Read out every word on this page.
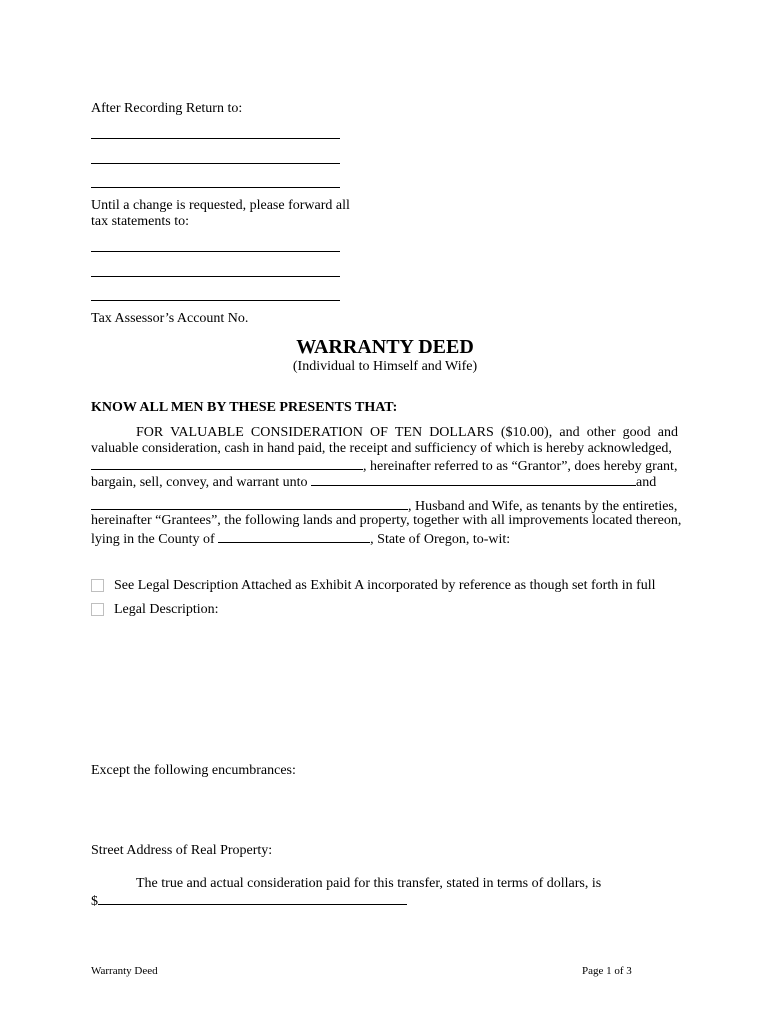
After Recording Return to:
Until a change is requested, please forward all
tax statements to:
Tax Assessor’s Account No.
WARRANTY DEED
(Individual to Himself and Wife)
KNOW ALL MEN BY THESE PRESENTS THAT:
FOR VALUABLE CONSIDERATION OF TEN DOLLARS ($10.00), and other good and
valuable consideration, cash in hand paid, the receipt and sufficiency of which is hereby acknowledged,
, hereinafter referred to as “Grantor”, does hereby grant,
bargain, sell, convey, and warrant unto	and
, Husband and Wife, as tenants by the entireties,
hereinafter “Grantees”, the following lands and property, together with all improvements located thereon,
lying in the County of	, State of Oregon, to-wit:
See Legal Description Attached as Exhibit A incorporated by reference as though set forth in full
Legal Description:
Except the following encumbrances:
Street Address of Real Property:
The true and actual consideration paid for this transfer, stated in terms of dollars, is
$
Warranty Deed	Page 1 of 3
